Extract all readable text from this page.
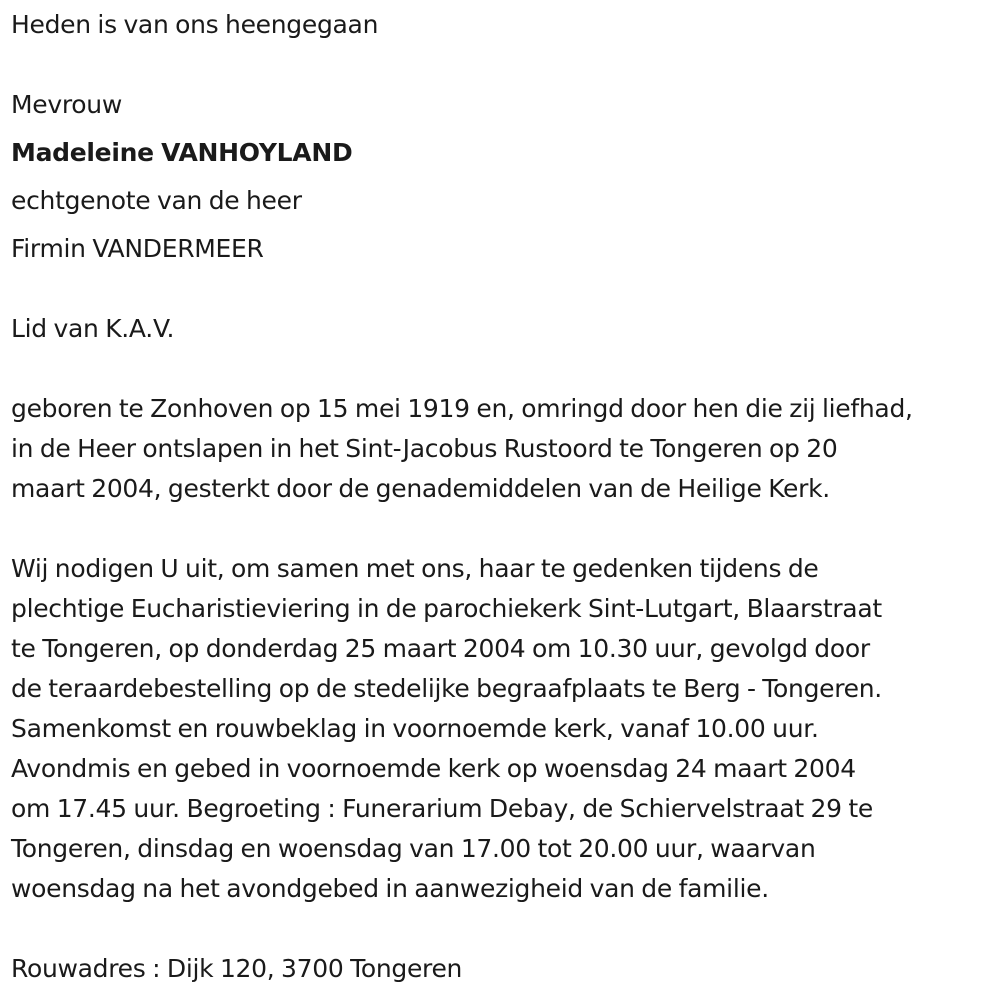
Heden is van ons heengegaan
Mevrouw
Madeleine VANHOYLAND
echtgenote van de heer
Firmin VANDERMEER
Lid van K.A.V.
geboren te Zonhoven op 15 mei 1919 en, omringd door hen die zij liefhad,
in de Heer ontslapen in het Sint-Jacobus Rustoord te Tongeren op 20
maart 2004, gesterkt door de genademiddelen van de Heilige Kerk.
Wij nodigen U uit, om samen met ons, haar te gedenken tijdens de
plechtige Eucharistieviering in de parochiekerk Sint-Lutgart, Blaarstraat
te Tongeren, op donderdag 25 maart 2004 om 10.30 uur, gevolgd door
de teraardebestelling op de stedelijke begraafplaats te Berg - Tongeren.
Samenkomst en rouwbeklag in voornoemde kerk, vanaf 10.00 uur.
Avondmis en gebed in voornoemde kerk op woensdag 24 maart 2004
om 17.45 uur. Begroeting : Funerarium Debay, de Schiervelstraat 29 te
Tongeren, dinsdag en woensdag van 17.00 tot 20.00 uur, waarvan
woensdag na het avondgebed in aanwezigheid van de familie.
Rouwadres : Dijk 120, 3700 Tongeren
